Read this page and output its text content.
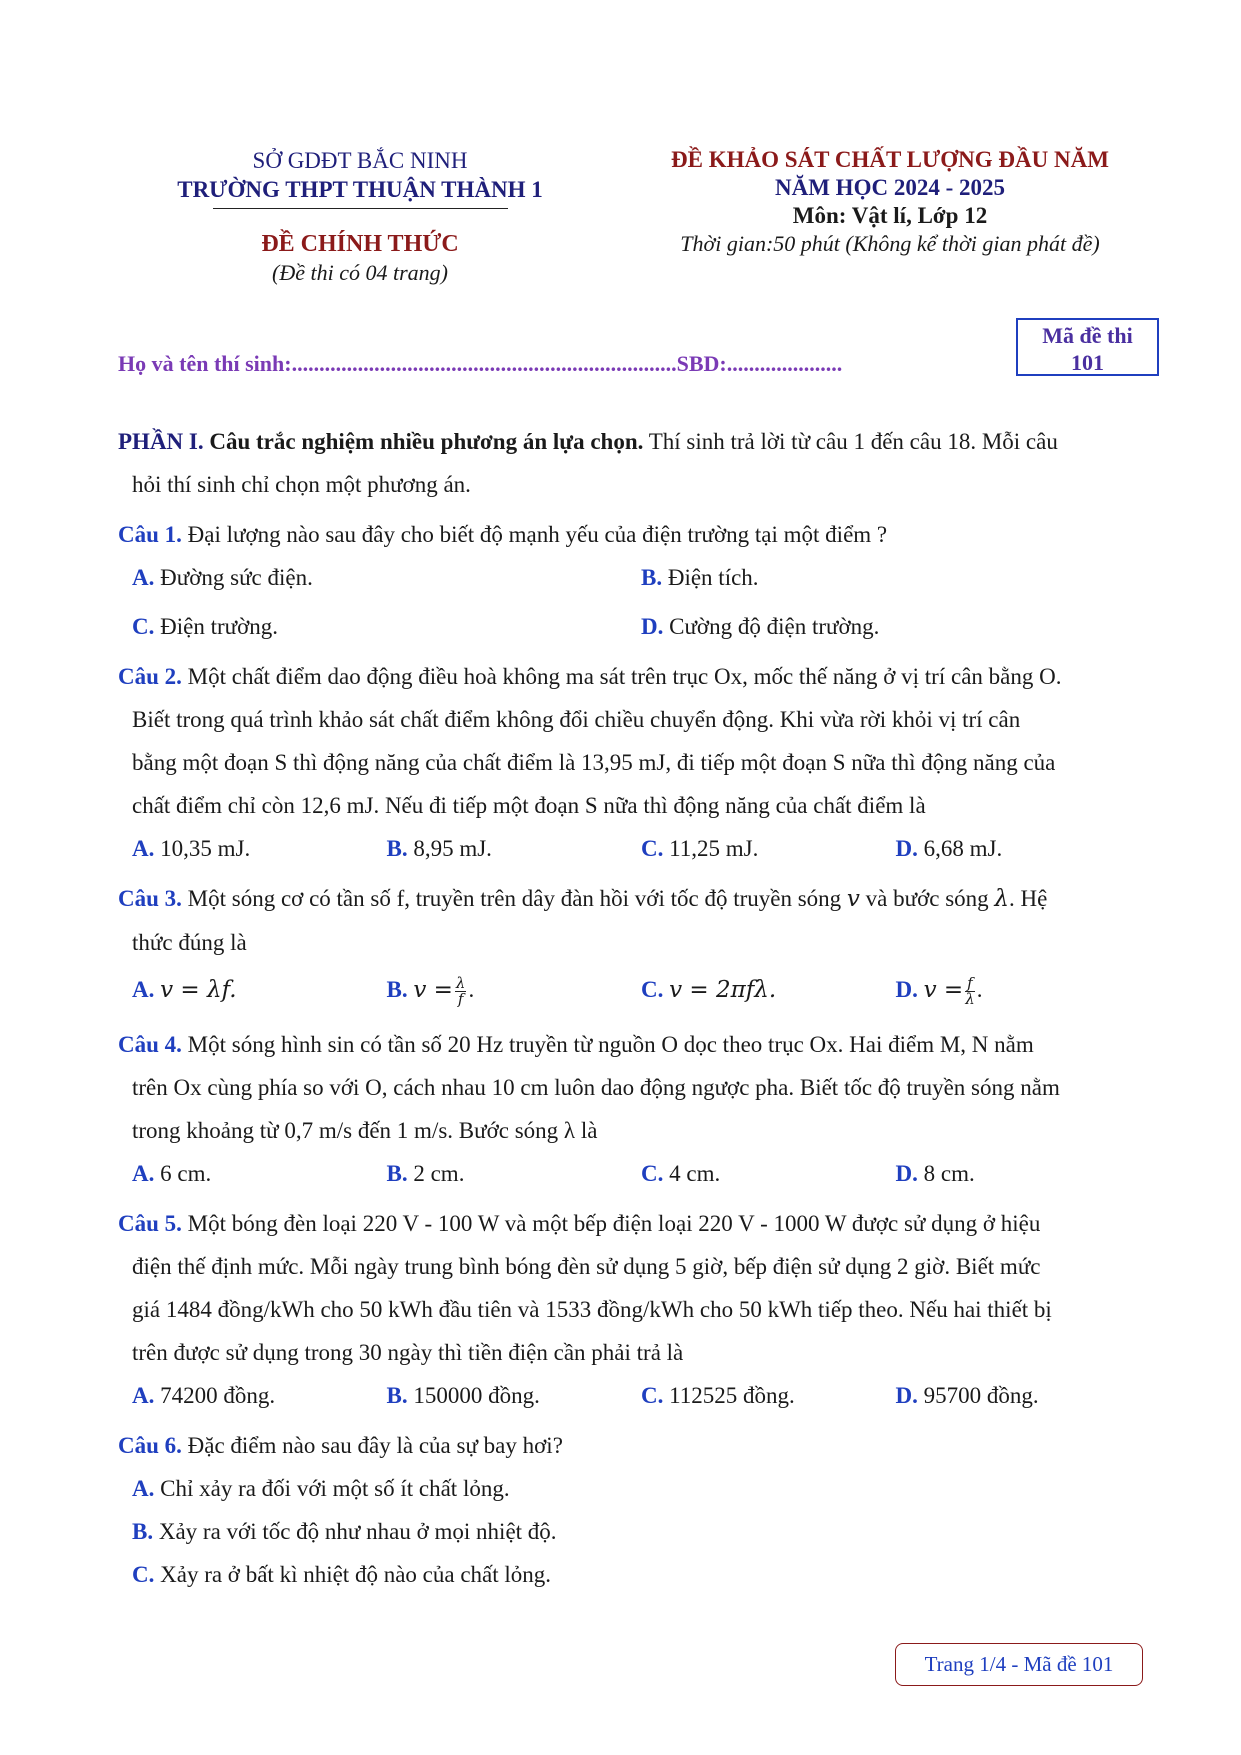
SỞ GDĐT BẮC NINH
TRƯỜNG THPT THUẬN THÀNH 1
ĐỀ CHÍNH THỨC
(Đề thi có 04 trang)
ĐỀ KHẢO SÁT CHẤT LƯỢNG ĐẦU NĂM
NĂM HỌC 2024 - 2025
Môn: Vật lí, Lớp 12
Thời gian:50 phút (Không kể thời gian phát đề)
Họ và tên thí sinh:......................................................................SBD:.....................
Mã đề thi
101
PHẦN I. Câu trắc nghiệm nhiều phương án lựa chọn. Thí sinh trả lời từ câu 1 đến câu 18. Mỗi câu
hỏi thí sinh chỉ chọn một phương án.
Câu 1. Đại lượng nào sau đây cho biết độ mạnh yếu của điện trường tại một điểm ?
A. Đường sức điện.	B. Điện tích.
C. Điện trường.	D. Cường độ điện trường.
Câu 2. Một chất điểm dao động điều hoà không ma sát trên trục Ox, mốc thế năng ở vị trí cân bằng O.
Biết trong quá trình khảo sát chất điểm không đổi chiều chuyển động. Khi vừa rời khỏi vị trí cân
bằng một đoạn S thì động năng của chất điểm là 13,95 mJ, đi tiếp một đoạn S nữa thì động năng của
chất điểm chỉ còn 12,6 mJ. Nếu đi tiếp một đoạn S nữa thì động năng của chất điểm là
A. 10,35 mJ.	B. 8,95 mJ.	C. 11,25 mJ.	D. 6,68 mJ.
Câu 3. Một sóng cơ có tần số f, truyền trên dây đàn hồi với tốc độ truyền sóng v và bước sóng λ. Hệ
thức đúng là
A. v = λf.	B. $v = \frac{\lambda}{f}$ .	C. v = 2πfλ.	D. $v = \frac{f}{\lambda}$ .
Câu 4. Một sóng hình sin có tần số 20 Hz truyền từ nguồn O dọc theo trục Ox. Hai điểm M, N nằm
trên Ox cùng phía so với O, cách nhau 10 cm luôn dao động ngược pha. Biết tốc độ truyền sóng nằm
trong khoảng từ 0,7 m/s đến 1 m/s. Bước sóng λ là
A. 6 cm.	B. 2 cm.	C. 4 cm.	D. 8 cm.
Câu 5. Một bóng đèn loại 220 V - 100 W và một bếp điện loại 220 V - 1000 W được sử dụng ở hiệu
điện thế định mức. Mỗi ngày trung bình bóng đèn sử dụng 5 giờ, bếp điện sử dụng 2 giờ. Biết mức
giá 1484 đồng/kWh cho 50 kWh đầu tiên và 1533 đồng/kWh cho 50 kWh tiếp theo. Nếu hai thiết bị
trên được sử dụng trong 30 ngày thì tiền điện cần phải trả là
A. 74200 đồng.	B. 150000 đồng.	C. 112525 đồng.	D. 95700 đồng.
Câu 6. Đặc điểm nào sau đây là của sự bay hơi?
A. Chỉ xảy ra đối với một số ít chất lỏng.
B. Xảy ra với tốc độ như nhau ở mọi nhiệt độ.
C. Xảy ra ở bất kì nhiệt độ nào của chất lỏng.
Trang 1/4 - Mã đề 101
